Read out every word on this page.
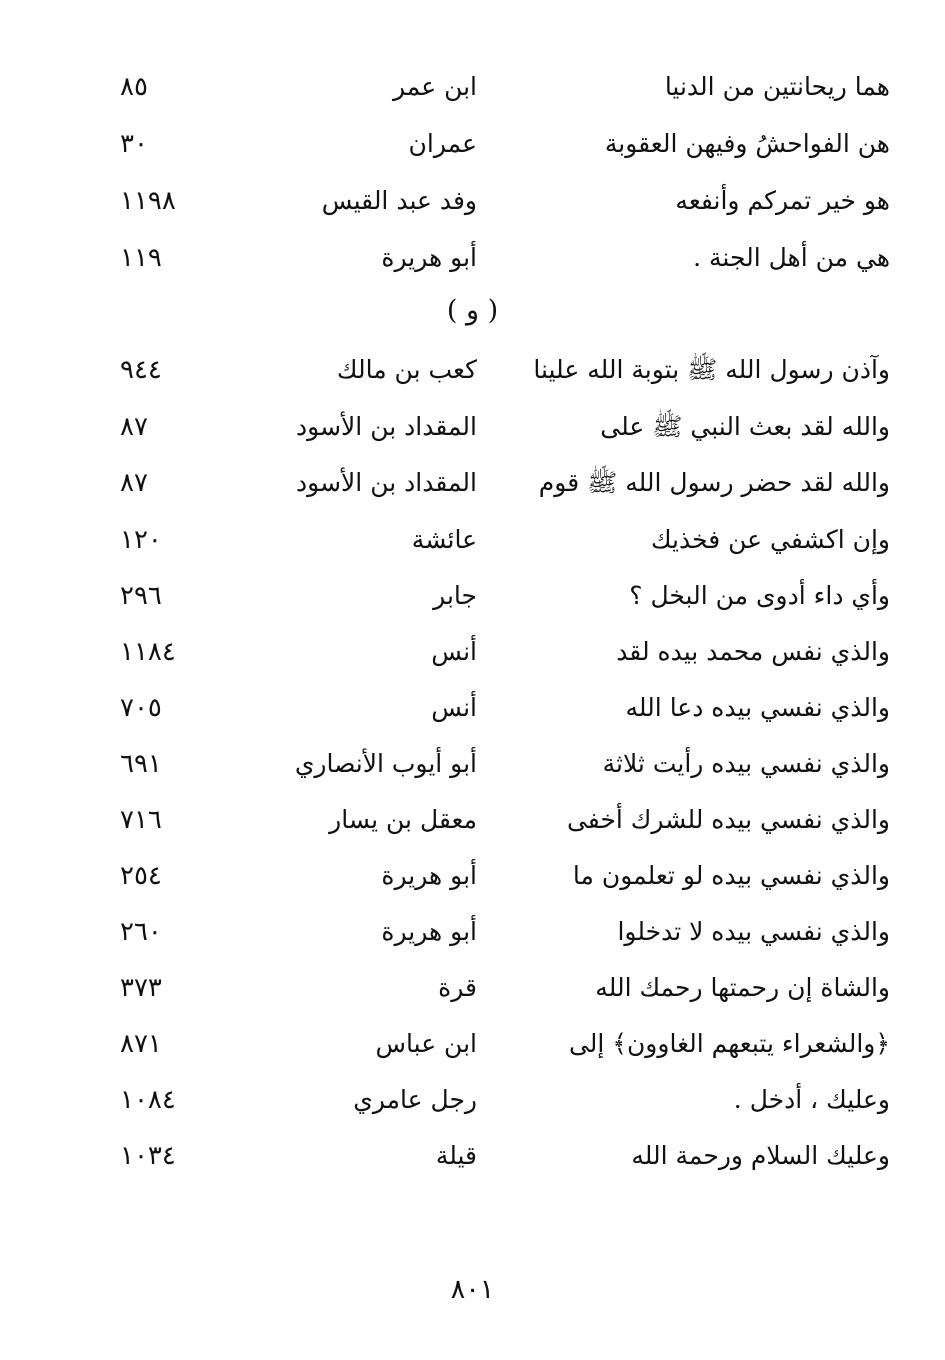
هما ريحانتين من الدنيا
ابن عمر
٨٥
هن الفواحشُ وفيهن العقوبة
عمران
٣٠
هو خير تمركم وأنفعه
وفد عبد القيس
١١٩٨
هي من أهل الجنة .
أبو هريرة
١١٩
( و )
وآذن رسول الله ﷺ بتوبة الله علينا
كعب بن مالك
٩٤٤
والله لقد بعث النبي ﷺ على
المقداد بن الأسود
٨٧
والله لقد حضر رسول الله ﷺ قوم
المقداد بن الأسود
٨٧
وإن اكشفي عن فخذيك
عائشة
١٢٠
وأي داء أدوى من البخل ؟
جابر
٢٩٦
والذي نفس محمد بيده لقد
أنس
١١٨٤
والذي نفسي بيده دعا الله
أنس
٧٠٥
والذي نفسي بيده رأيت ثلاثة
أبو أيوب الأنصاري
٦٩١
والذي نفسي بيده للشرك أخفى
معقل بن يسار
٧١٦
والذي نفسي بيده لو تعلمون ما
أبو هريرة
٢٥٤
والذي نفسي بيده لا تدخلوا
أبو هريرة
٢٦٠
والشاة إن رحمتها رحمك الله
قرة
٣٧٣
﴿والشعراء يتبعهم الغاوون﴾ إلى
ابن عباس
٨٧١
وعليك ، أدخل .
رجل عامري
١٠٨٤
وعليك السلام ورحمة الله
قيلة
١٠٣٤
٨٠١
